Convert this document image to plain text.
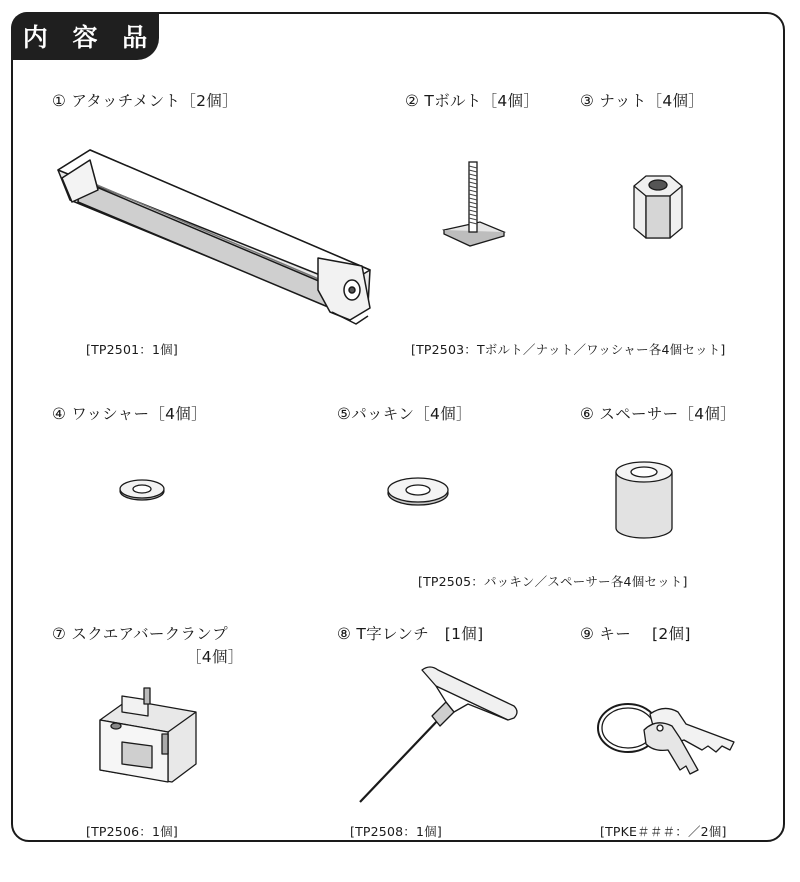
内 容 品
① アタッチメント［2個］
[TP2501：1個]
② Tボルト［4個］
[TP2503：Tボルト／ナット／ワッシャー各4個セット]
③ ナット［4個］
④ ワッシャー［4個］	⑤パッキン［4個］
[TP2505：パッキン／スペーサー各4個セット]
⑥ スペーサー［4個］
⑦ スクエアバークランプ
［4個］
[TP2506：1個]
⑧ T字レンチ　[1個]
[TP2508：1個]
⑨ キー　 [2個]
[TPKE＃＃＃：／2個]
